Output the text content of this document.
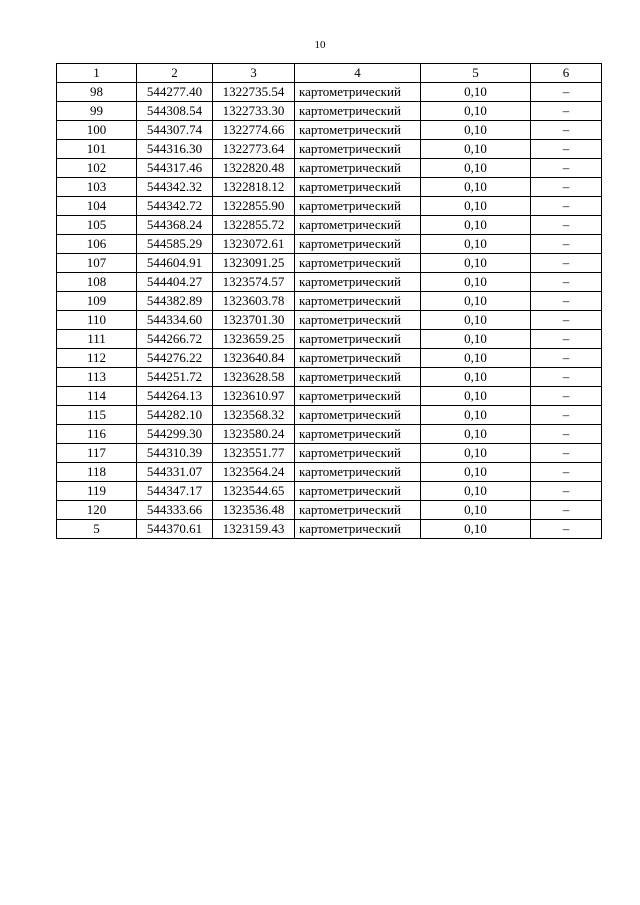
10
1	2	3	4	5	6
98	544277.40	1322735.54	картометрический	0,10	–
99	544308.54	1322733.30	картометрический	0,10	–
100	544307.74	1322774.66	картометрический	0,10	–
101	544316.30	1322773.64	картометрический	0,10	–
102	544317.46	1322820.48	картометрический	0,10	–
103	544342.32	1322818.12	картометрический	0,10	–
104	544342.72	1322855.90	картометрический	0,10	–
105	544368.24	1322855.72	картометрический	0,10	–
106	544585.29	1323072.61	картометрический	0,10	–
107	544604.91	1323091.25	картометрический	0,10	–
108	544404.27	1323574.57	картометрический	0,10	–
109	544382.89	1323603.78	картометрический	0,10	–
110	544334.60	1323701.30	картометрический	0,10	–
111	544266.72	1323659.25	картометрический	0,10	–
112	544276.22	1323640.84	картометрический	0,10	–
113	544251.72	1323628.58	картометрический	0,10	–
114	544264.13	1323610.97	картометрический	0,10	–
115	544282.10	1323568.32	картометрический	0,10	–
116	544299.30	1323580.24	картометрический	0,10	–
117	544310.39	1323551.77	картометрический	0,10	–
118	544331.07	1323564.24	картометрический	0,10	–
119	544347.17	1323544.65	картометрический	0,10	–
120	544333.66	1323536.48	картометрический	0,10	–
5	544370.61	1323159.43	картометрический	0,10	–
